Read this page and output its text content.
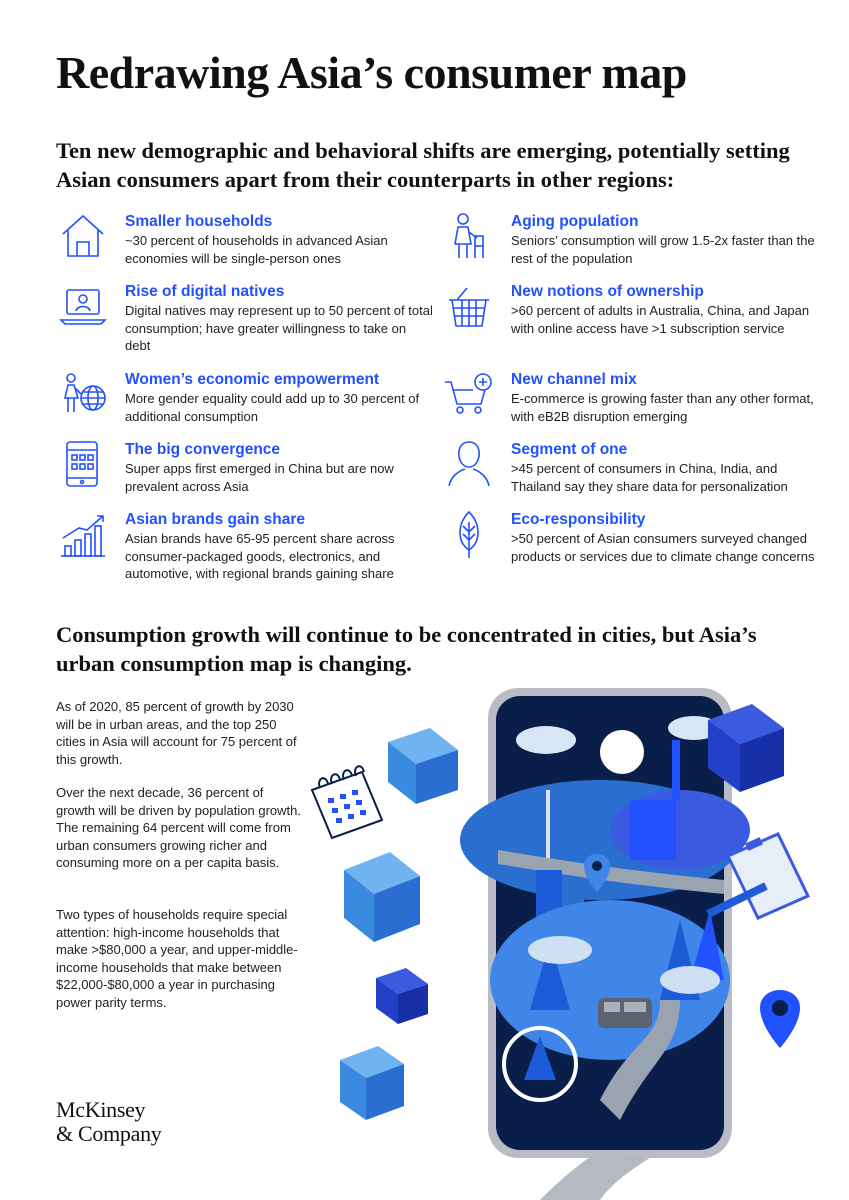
Redrawing Asia’s consumer map
Ten new demographic and behavioral shifts are emerging, potentially setting Asian consumers apart from their counterparts in other regions:
Smaller households

~30 percent of households in advanced Asian economies will be single-person ones

Rise of digital natives

Digital natives may represent up to 50 percent of total consumption; have greater willingness to take on debt

Women’s economic empowerment

More gender equality could add up to 30 percent of additional consumption

The big convergence

Super apps first emerged in China but are now prevalent across Asia

Asian brands gain share

Asian brands have 65-95 percent share across consumer-packaged goods, electronics, and automotive, with regional brands gaining share

Aging population

Seniors’ consumption will grow 1.5-2x faster than the rest of the population

New notions of ownership

>60 percent of adults in Australia, China, and Japan with online access have >1 subscription service

New channel mix

E-commerce is growing faster than any other format, with eB2B disruption emerging

Segment of one

>45 percent of consumers in China, India, and Thailand say they share data for personalization

Eco-responsibility

>50 percent of Asian consumers surveyed changed products or services due to climate change concerns

Consumption growth will continue to be concentrated in cities, but Asia’s urban consumption map is changing.

As of 2020, 85 percent of growth by 2030 will be in urban areas, and the top 250 cities in Asia will account for 75 percent of this growth.

Over the next decade, 36 percent of growth will be driven by population growth. The remaining 64 percent will come from urban consumers growing richer and consuming more on a per capita basis.

Two types of households require special attention: high-income households that make >$80,000 a year, and upper-middle-income households that make between $22,000-$80,000 a year in purchasing power parity terms.

McKinsey
& Company
